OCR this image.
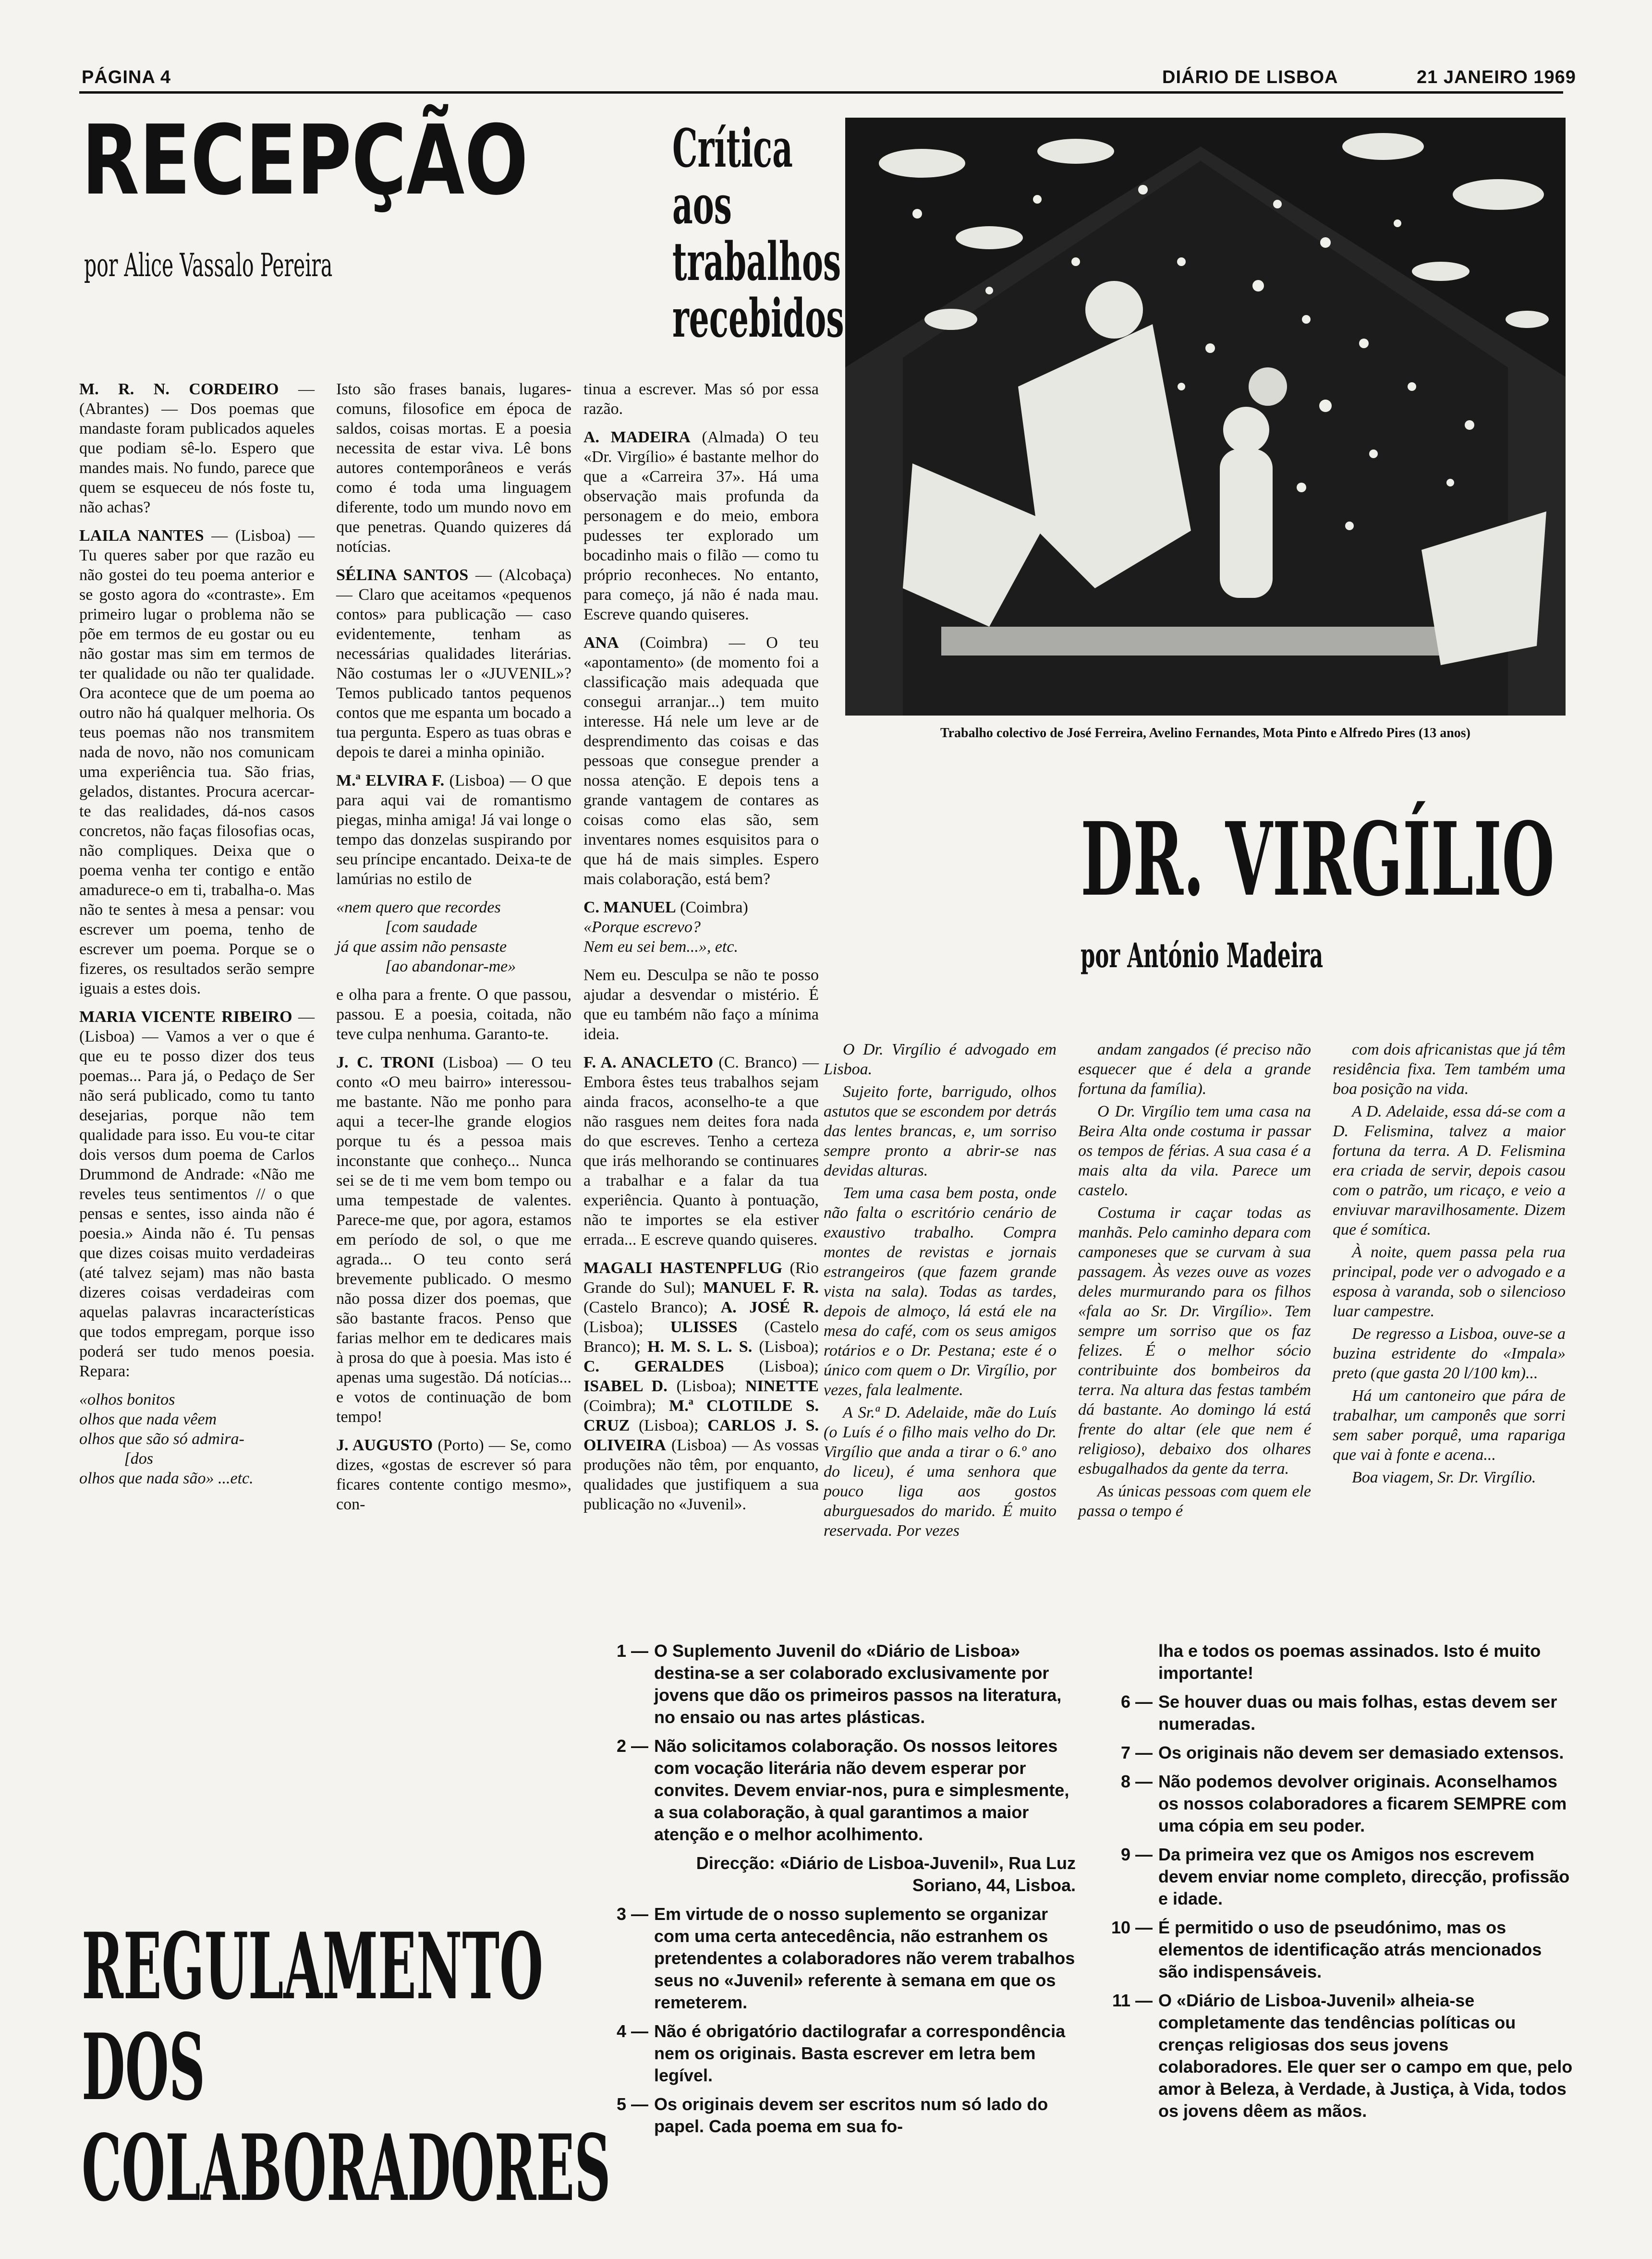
PÁGINA 4	DIÁRIO DE LISBOA	21 JANEIRO 1969
RECEPÇÃO
por Alice Vassalo Pereira
Crítica
aos
trabalhos
recebidos

M. R. N. CORDEIRO — (Abrantes) — Dos poemas que mandaste foram publicados aqueles que podiam sê-lo. Espero que mandes mais. No fundo, parece que quem se esqueceu de nós foste tu, não achas?

LAILA NANTES — (Lisboa) — Tu queres saber por que razão eu não gostei do teu poema anterior e se gosto agora do «contraste». Em primeiro lugar o problema não se põe em termos de eu gostar ou eu não gostar mas sim em termos de ter qualidade ou não ter qualidade. Ora acontece que de um poema ao outro não há qualquer melhoria. Os teus poemas não nos transmitem nada de novo, não nos comunicam uma experiência tua. São frias, gelados, distantes. Procura acercar-te das realidades, dá-nos casos concretos, não faças filosofias ocas, não compliques. Deixa que o poema venha ter contigo e então amadurece-o em ti, trabalha-o. Mas não te sentes à mesa a pensar: vou escrever um poema, tenho de escrever um poema. Porque se o fizeres, os resultados serão sempre iguais a estes dois.

MARIA VICENTE RIBEIRO — (Lisboa) — Vamos a ver o que é que eu te posso dizer dos teus poemas... Para já, o Pedaço de Ser não será publicado, como tu tanto desejarias, porque não tem qualidade para isso. Eu vou-te citar dois versos dum poema de Carlos Drummond de Andrade: «Não me reveles teus sentimentos // o que pensas e sentes, isso ainda não é poesia.» Ainda não é. Tu pensas que dizes coisas muito verdadeiras (até talvez sejam) mas não basta dizeres coisas verdadeiras com aquelas palavras incaracterísticas que todos empregam, porque isso poderá ser tudo menos poesia. Repara:

«olhos bonitos
olhos que nada vêem
olhos que são só admira-
[dos
olhos que nada são» ...etc.

Isto são frases banais, lugares-comuns, filosofice em época de saldos, coisas mortas. E a poesia necessita de estar viva. Lê bons autores contemporâneos e verás como é toda uma linguagem diferente, todo um mundo novo em que penetras. Quando quizeres dá notícias.

SÉLINA SANTOS — (Alcobaça) — Claro que aceitamos «pequenos contos» para publicação — caso evidentemente, tenham as necessárias qualidades literárias. Não costumas ler o «JUVENIL»? Temos publicado tantos pequenos contos que me espanta um bocado a tua pergunta. Espero as tuas obras e depois te darei a minha opinião.

M.ª ELVIRA F. (Lisboa) — O que para aqui vai de romantismo piegas, minha amiga! Já vai longe o tempo das donzelas suspirando por seu príncipe encantado. Deixa-te de lamúrias no estilo de

«nem quero que recordes
[com saudade
já que assim não pensaste
[ao abandonar-me»

e olha para a frente. O que passou, passou. E a poesia, coitada, não teve culpa nenhuma. Garanto-te.

J. C. TRONI (Lisboa) — O teu conto «O meu bairro» interessou-me bastante. Não me ponho para aqui a tecer-lhe grande elogios porque tu és a pessoa mais inconstante que conheço... Nunca sei se de ti me vem bom tempo ou uma tempestade de valentes. Parece-me que, por agora, estamos em período de sol, o que me agrada... O teu conto será brevemente publicado. O mesmo não possa dizer dos poemas, que são bastante fracos. Penso que farias melhor em te dedicares mais à prosa do que à poesia. Mas isto é apenas uma sugestão. Dá notícias... e votos de continuação de bom tempo!

J. AUGUSTO (Porto) — Se, como dizes, «gostas de escrever só para ficares contente contigo mesmo», con-

tinua a escrever. Mas só por essa razão.

A. MADEIRA (Almada) O teu «Dr. Virgílio» é bastante melhor do que a «Carreira 37». Há uma observação mais profunda da personagem e do meio, embora pudesses ter explorado um bocadinho mais o filão — como tu próprio reconheces. No entanto, para começo, já não é nada mau. Escreve quando quiseres.

ANA (Coimbra) — O teu «apontamento» (de momento foi a classificação mais adequada que consegui arranjar...) tem muito interesse. Há nele um leve ar de desprendimento das coisas e das pessoas que consegue prender a nossa atenção. E depois tens a grande vantagem de contares as coisas como elas são, sem inventares nomes esquisitos para o que há de mais simples. Espero mais colaboração, está bem?

C. MANUEL (Coimbra)
«Porque escrevo?
Nem eu sei bem...», etc.

Nem eu. Desculpa se não te posso ajudar a desvendar o mistério. É que eu também não faço a mínima ideia.

F. A. ANACLETO (C. Branco) — Embora êstes teus trabalhos sejam ainda fracos, aconselho-te a que não rasgues nem deites fora nada do que escreves. Tenho a certeza que irás melhorando se continuares a trabalhar e a falar da tua experiência. Quanto à pontuação, não te importes se ela estiver errada... E escreve quando quiseres.

MAGALI HASTENPFLUG (Rio Grande do Sul); MANUEL F. R. (Castelo Branco); A. JOSÉ R. (Lisboa); ULISSES (Castelo Branco); H. M. S. L. S. (Lisboa); C. GERALDES (Lisboa); ISABEL D. (Lisboa); NINETTE (Coimbra); M.ª CLOTILDE S. CRUZ (Lisboa); CARLOS J. S. OLIVEIRA (Lisboa) — As vossas produções não têm, por enquanto, qualidades que justifiquem a sua publicação no «Juvenil».

Trabalho colectivo de José Ferreira, Avelino Fernandes, Mota Pinto e Alfredo Pires (13 anos)
DR. VIRGÍLIO
por António Madeira

O Dr. Virgílio é advogado em Lisboa.

Sujeito forte, barrigudo, olhos astutos que se escondem por detrás das lentes brancas, e, um sorriso sempre pronto a abrir-se nas devidas alturas.

Tem uma casa bem posta, onde não falta o escritório cenário de exaustivo trabalho. Compra montes de revistas e jornais estrangeiros (que fazem grande vista na sala). Todas as tardes, depois de almoço, lá está ele na mesa do café, com os seus amigos rotários e o Dr. Pestana; este é o único com quem o Dr. Virgílio, por vezes, fala lealmente.

A Sr.ª D. Adelaide, mãe do Luís (o Luís é o filho mais velho do Dr. Virgílio que anda a tirar o 6.º ano do liceu), é uma senhora que pouco liga aos gostos aburguesados do marido. É muito reservada. Por vezes

andam zangados (é preciso não esquecer que é dela a grande fortuna da família).

O Dr. Virgílio tem uma casa na Beira Alta onde costuma ir passar os tempos de férias. A sua casa é a mais alta da vila. Parece um castelo.

Costuma ir caçar todas as manhãs. Pelo caminho depara com camponeses que se curvam à sua passagem. Às vezes ouve as vozes deles murmurando para os filhos «fala ao Sr. Dr. Virgílio». Tem sempre um sorriso que os faz felizes. É o melhor sócio contribuinte dos bombeiros da terra. Na altura das festas também dá bastante. Ao domingo lá está frente do altar (ele que nem é religioso), debaixo dos olhares esbugalhados da gente da terra.

As únicas pessoas com quem ele passa o tempo é

com dois africanistas que já têm residência fixa. Tem também uma boa posição na vida.

A D. Adelaide, essa dá-se com a D. Felismina, talvez a maior fortuna da terra. A D. Felismina era criada de servir, depois casou com o patrão, um ricaço, e veio a enviuvar maravilhosamente. Dizem que é somítica.

À noite, quem passa pela rua principal, pode ver o advogado e a esposa à varanda, sob o silencioso luar campestre.

De regresso a Lisboa, ouve-se a buzina estridente do «Impala» preto (que gasta 20 l/100 km)...

Há um cantoneiro que pára de trabalhar, um camponês que sorri sem saber porquê, uma rapariga que vai à fonte e acena...

Boa viagem, Sr. Dr. Virgílio.

REGULAMENTO
DOS
COLABORADORES
1 — O Suplemento Juvenil do «Diário de Lisboa» destina-se a ser colaborado exclusivamente por jovens que dão os primeiros passos na literatura, no ensaio ou nas artes plásticas.
2 — Não solicitamos colaboração. Os nossos leitores com vocação literária não devem esperar por convites. Devem enviar-nos, pura e simplesmente, a sua colaboração, à qual garantimos a maior atenção e o melhor acolhimento.
Direcção: «Diário de Lisboa-Juvenil», Rua Luz Soriano, 44, Lisboa.
3 — Em virtude de o nosso suplemento se organizar com uma certa antecedência, não estranhem os pretendentes a colaboradores não verem trabalhos seus no «Juvenil» referente à semana em que os remeterem.
4 — Não é obrigatório dactilografar a correspondência nem os originais. Basta escrever em letra bem legível.
5 — Os originais devem ser escritos num só lado do papel. Cada poema em sua fo-
lha e todos os poemas assinados. Isto é muito importante!
6 — Se houver duas ou mais folhas, estas devem ser numeradas.
7 — Os originais não devem ser demasiado extensos.
8 — Não podemos devolver originais. Aconselhamos os nossos colaboradores a ficarem SEMPRE com uma cópia em seu poder.
9 — Da primeira vez que os Amigos nos escrevem devem enviar nome completo, direcção, profissão e idade.
10 — É permitido o uso de pseudónimo, mas os elementos de identificação atrás mencionados são indispensáveis.
11 — O «Diário de Lisboa-Juvenil» alheia-se completamente das tendências políticas ou crenças religiosas dos seus jovens colaboradores. Ele quer ser o campo em que, pelo amor à Beleza, à Verdade, à Justiça, à Vida, todos os jovens dêem as mãos.
